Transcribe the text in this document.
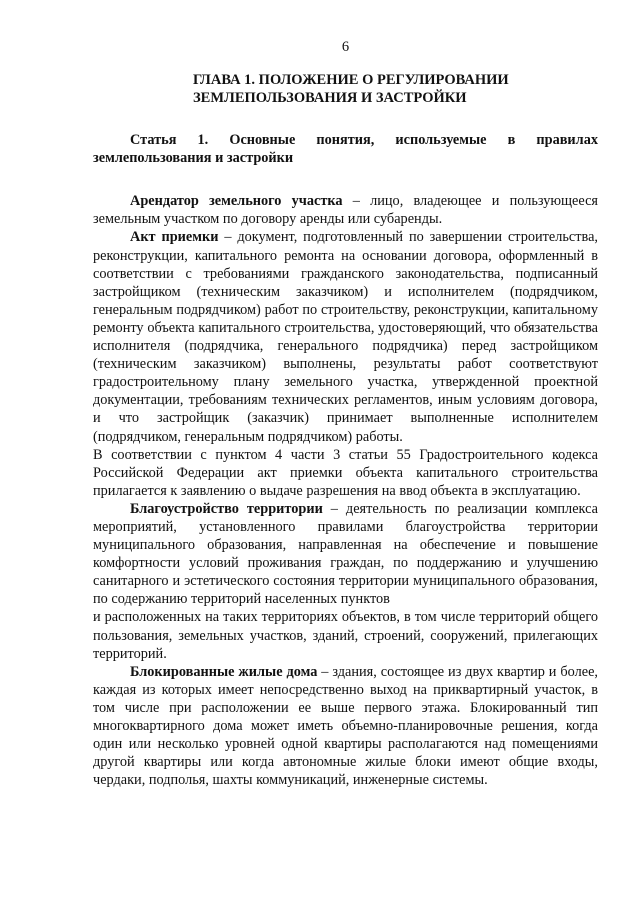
6
ГЛАВА 1. ПОЛОЖЕНИЕ О РЕГУЛИРОВАНИИ
ЗЕМЛЕПОЛЬЗОВАНИЯ И ЗАСТРОЙКИ
Статья 1. Основные понятия, используемые в правилах
землепользования и застройки

Арендатор земельного участка – лицо, владеющее и пользующееся земельным участком по договору аренды или субаренды.

Акт приемки – документ, подготовленный по завершении строительства, реконструкции, капитального ремонта на основании договора, оформленный в соответствии с требованиями гражданского законодательства, подписанный застройщиком (техническим заказчиком) и исполнителем (подрядчиком, генеральным подрядчиком) работ по строительству, реконструкции, капитальному ремонту объекта капитального строительства, удостоверяющий, что обязательства исполнителя (подрядчика, генерального подрядчика) перед застройщиком (техническим заказчиком) выполнены, результаты работ соответствуют градостроительному плану земельного участка, утвержденной проектной документации, требованиям технических регламентов, иным условиям договора, и что застройщик (заказчик) принимает выполненные исполнителем (подрядчиком, генеральным подрядчиком) работы.

В соответствии с пунктом 4 части 3 статьи 55 Градостроительного кодекса Российской Федерации акт приемки объекта капитального строительства прилагается к заявлению о выдаче разрешения на ввод объекта в эксплуатацию.

Благоустройство территории – деятельность по реализации комплекса мероприятий, установленного правилами благоустройства территории муниципального образования, направленная на обеспечение и повышение комфортности условий проживания граждан, по поддержанию и улучшению санитарного и эстетического состояния территории муниципального образования, по содержанию территорий населенных пунктов

и расположенных на таких территориях объектов, в том числе территорий общего пользования, земельных участков, зданий, строений, сооружений, прилегающих территорий.

Блокированные жилые дома – здания, состоящее из двух квартир и более, каждая из которых имеет непосредственно выход на приквартирный участок, в том числе при расположении ее выше первого этажа. Блокированный тип многоквартирного дома может иметь объемно-планировочные решения, когда один или несколько уровней одной квартиры располагаются над помещениями другой квартиры или когда автономные жилые блоки имеют общие входы, чердаки, подполья, шахты коммуникаций, инженерные системы.
